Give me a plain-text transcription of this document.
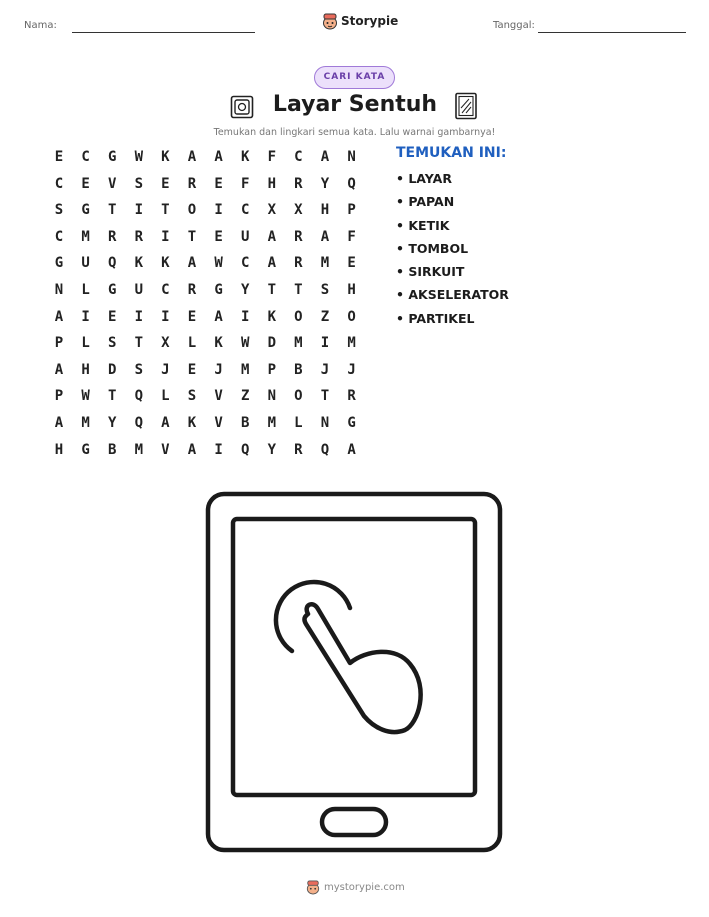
Nama:	Storypie	Tanggal:
CARI KATA
Layar Sentuh
Temukan dan lingkari semua kata. Lalu warnai gambarnya!
E	C	G	W	K	A	A	K	F	C	A	N
C	E	V	S	E	R	E	F	H	R	Y	Q
S	G	T	I	T	O	I	C	X	X	H	P
C	M	R	R	I	T	E	U	A	R	A	F
G	U	Q	K	K	A	W	C	A	R	M	E
N	L	G	U	C	R	G	Y	T	T	S	H
A	I	E	I	I	E	A	I	K	O	Z	O
P	L	S	T	X	L	K	W	D	M	I	M
A	H	D	S	J	E	J	M	P	B	J	J
P	W	T	Q	L	S	V	Z	N	O	T	R
A	M	Y	Q	A	K	V	B	M	L	N	G
H	G	B	M	V	A	I	Q	Y	R	Q	A
TEMUKAN INI:
• LAYAR
• PAPAN
• KETIK
• TOMBOL
• SIRKUIT
• AKSELERATOR
• PARTIKEL
mystorypie.com
